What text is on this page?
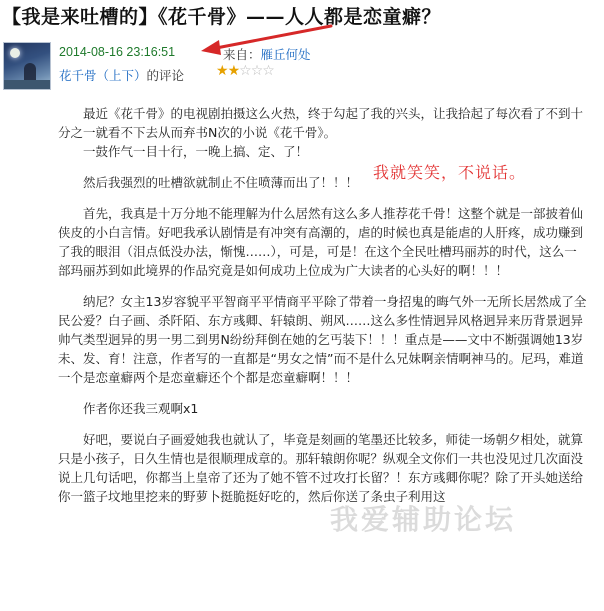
【我是来吐槽的】《花千骨》——人人都是恋童癖？
2014-08-16 23:16:51	来自：雁丘何处
花千骨（上下）的评论 ★★☆☆☆
我就笑笑，不说话。

　　最近《花千骨》的电视剧拍摄这么火热，终于勾起了我的兴头，让我拾起了每次看了不到十分之一就看不下去从而弃书N次的小说《花千骨》。

　　一鼓作气一目十行，一晚上搞、定、了！

　　然后我强烈的吐槽欲就制止不住喷薄而出了！！！

　　首先，我真是十万分地不能理解为什么居然有这么多人推荐花千骨！这整个就是一部披着仙侠皮的小白言情。好吧我承认剧情是有冲突有高潮的，虐的时候也真是能虐的人肝疼，成功赚到了我的眼泪（泪点低没办法，惭愧……），可是，可是！在这个全民吐槽玛丽苏的时代，这么一部玛丽苏到如此境界的作品究竟是如何成功上位成为广大读者的心头好的啊！！！

　　纳尼？女主13岁容貌平平智商平平情商平平除了带着一身招鬼的晦气外一无所长居然成了全民公爱？白子画、杀阡陌、东方彧卿、轩辕朗、朔风……这么多性情迥异风格迥异来历背景迥异帅气类型迥异的男一男二到男N纷纷拜倒在她的乞丐装下！！！重点是——文中不断强调她13岁未、发、育！注意，作者写的一直都是“男女之情”而不是什么兄妹啊亲情啊神马的。尼玛，难道一个是恋童癖两个是恋童癖还个个都是恋童癖啊！！！

　　作者你还我三观啊x1

　　好吧，要说白子画爱她我也就认了，毕竟是刻画的笔墨还比较多，师徒一场朝夕相处，就算只是小孩子，日久生情也是很顺理成章的。那轩辕朗你呢？纵观全文你们一共也没见过几次面没说上几句话吧，你都当上皇帝了还为了她不管不过攻打长留？！东方彧卿你呢？除了开头她送给你一篮子坟地里挖来的野萝卜挺脆挺好吃的，然后你送了条虫子利用这

我爱辅助论坛
